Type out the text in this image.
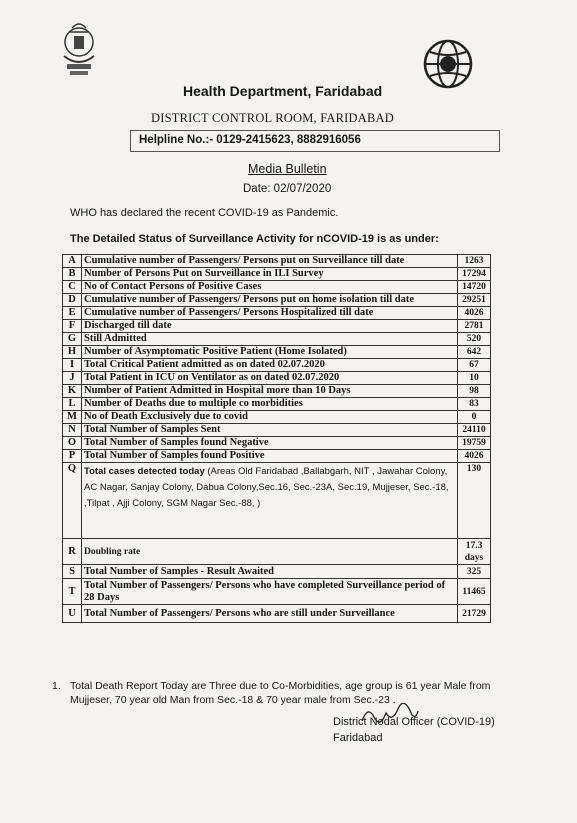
Health Department, Faridabad
DISTRICT CONTROL ROOM, FARIDABAD
Helpline No.:- 0129-2415623, 8882916056
Media Bulletin
Date: 02/07/2020
WHO has declared the recent COVID-19 as Pandemic.
The Detailed Status of Surveillance Activity for nCOVID-19 is as under:
A	Cumulative number of Passengers/ Persons put on Surveillance till date	1263
B	Number of Persons Put on Surveillance in ILI Survey	17294
C	No of Contact Persons of Positive Cases	14720
D	Cumulative number of Passengers/ Persons put on home isolation till date	29251
E	Cumulative number of Passengers/ Persons Hospitalized till date	4026
F	Discharged till date	2781
G	Still Admitted	520
H	Number of Asymptomatic Positive Patient (Home Isolated)	642
I	Total Critical Patient admitted as on dated 02.07.2020	67
J	Total Patient in ICU on Ventilator as on dated 02.07.2020	10
K	Number of Patient Admitted in Hospital more than 10 Days	98
L	Number of Deaths due to multiple co morbidities	83
M	No of Death Exclusively due to covid	0
N	Total Number of Samples Sent	24110
O	Total Number of Samples found Negative	19759
P	Total Number of Samples found Positive	4026
Q	Total cases detected today (Areas Old Faridabad ,Ballabgarh, NIT , Jawahar Colony, AC Nagar, Sanjay Colony, Dabua Colony,Sec.16, Sec.-23A, Sec.19, Mujjeser, Sec.-18, ,Tilpat , Ajji Colony, SGM Nagar Sec.-88, )	130
R	Doubling rate	17.3 days
S	Total Number of Samples - Result Awaited	325
T	Total Number of Passengers/ Persons who have completed Surveillance period of 28 Days	11465
U	Total Number of Passengers/ Persons who are still under Surveillance	21729
1. Total Death Report Today are Three due to Co-Morbidities, age group is 61 year Male from Mujjeser, 70 year old Man from Sec.-18 & 70 year male from Sec.-23 .
District Nodal Officer (COVID-19)
Faridabad
